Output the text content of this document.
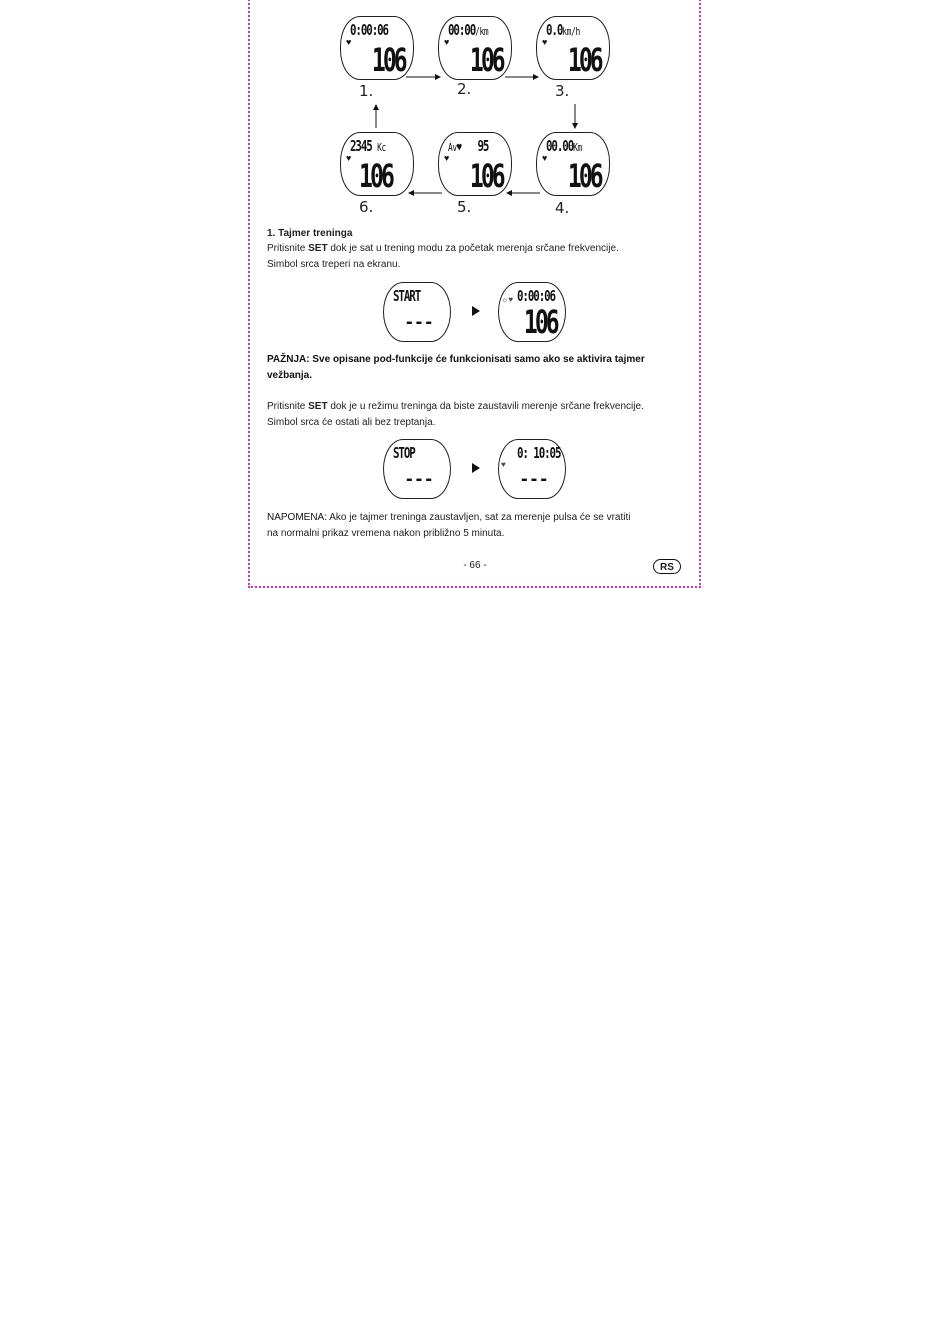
♥
0:00:06
106
1.
♥
00:00/km
106
2.
♥
0.0km/h
106
3.
♥
2345 Kc
106
6.
♥
Av♥ 95
106
5.
♥
00.00Km
106
4.
1. Tajmer treninga
Pritisnite SET dok je sat u trening modu za početak merenja srčane frekvencije.
Simbol srca treperi na ekranu.
START
---
☼♥ 0:00:06
106
PAŽNJA: Sve opisane pod-funkcije će funkcionisati samo ako se aktivira tajmer
vežbanja.
Pritisnite SET dok je u režimu treninga da biste zaustavili merenje srčane frekvencije.
Simbol srca će ostati ali bez treptanja.
STOP
---
♥
0: 10:05
---
NAPOMENA: Ako je tajmer treninga zaustavljen, sat za merenje pulsa će se vratiti
na normalni prikaz vremena nakon približno 5 minuta.
- 66 -	RS
